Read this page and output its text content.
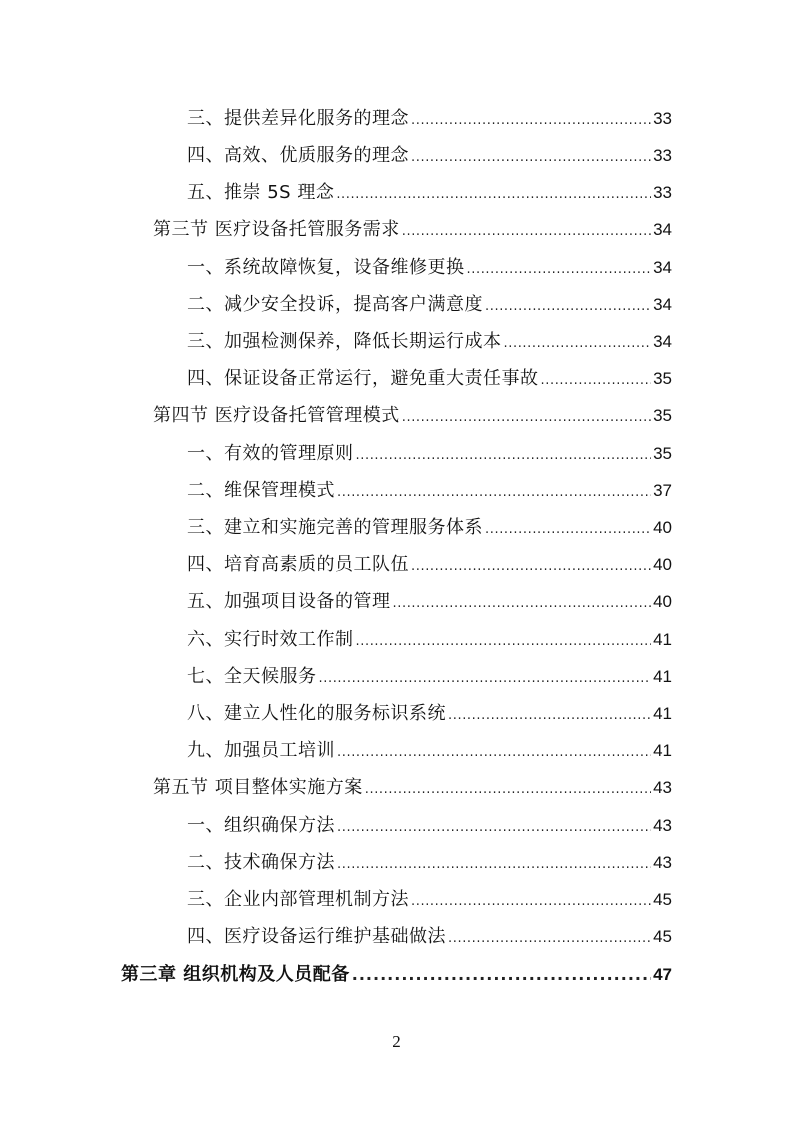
三、提供差异化服务的理念 .....	33
四、高效、优质服务的理念 .....	33
五、推崇 5S 理念 .....	33
第三节 医疗设备托管服务需求 .....	34
一、系统故障恢复，设备维修更换 .....	34
二、减少安全投诉，提高客户满意度 .....	34
三、加强检测保养，降低长期运行成本 .....	34
四、保证设备正常运行，避免重大责任事故 .....	35
第四节 医疗设备托管管理模式 .....	35
一、有效的管理原则 .....	35
二、维保管理模式 .....	37
三、建立和实施完善的管理服务体系 .....	40
四、培育高素质的员工队伍 .....	40
五、加强项目设备的管理 .....	40
六、实行时效工作制 .....	41
七、全天候服务 .....	41
八、建立人性化的服务标识系统 .....	41
九、加强员工培训 .....	41
第五节 项目整体实施方案 .....	43
一、组织确保方法 .....	43
二、技术确保方法 .....	43
三、企业内部管理机制方法 .....	45
四、医疗设备运行维护基础做法 .....	45
第三章 组织机构及人员配备 .....	47
2
